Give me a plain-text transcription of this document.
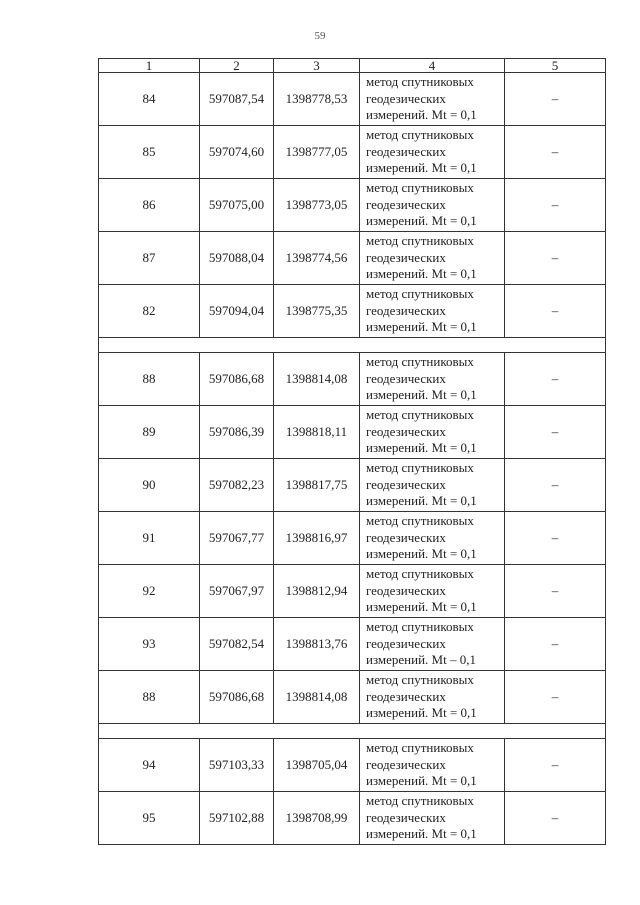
59
1	2	3	4	5
84	597087,54	1398778,53	метод спутниковых
геодезических
измерений. Mt = 0,1	–
85	597074,60	1398777,05	метод спутниковых
геодезических
измерений. Mt = 0,1	–
86	597075,00	1398773,05	метод спутниковых
геодезических
измерений. Mt = 0,1	–
87	597088,04	1398774,56	метод спутниковых
геодезических
измерений. Mt = 0,1	–
82	597094,04	1398775,35	метод спутниковых
геодезических
измерений. Mt = 0,1	–

88	597086,68	1398814,08	метод спутниковых
геодезических
измерений. Mt = 0,1	–
89	597086,39	1398818,11	метод спутниковых
геодезических
измерений. Mt = 0,1	–
90	597082,23	1398817,75	метод спутниковых
геодезических
измерений. Mt = 0,1	–
91	597067,77	1398816,97	метод спутниковых
геодезических
измерений. Mt = 0,1	–
92	597067,97	1398812,94	метод спутниковых
геодезических
измерений. Mt = 0,1	–
93	597082,54	1398813,76	метод спутниковых
геодезических
измерений. Mt – 0,1	–
88	597086,68	1398814,08	метод спутниковых
геодезических
измерений. Mt = 0,1	–

94	597103,33	1398705,04	метод спутниковых
геодезических
измерений. Mt = 0,1	–
95	597102,88	1398708,99	метод спутниковых
геодезических
измерений. Mt = 0,1	–
